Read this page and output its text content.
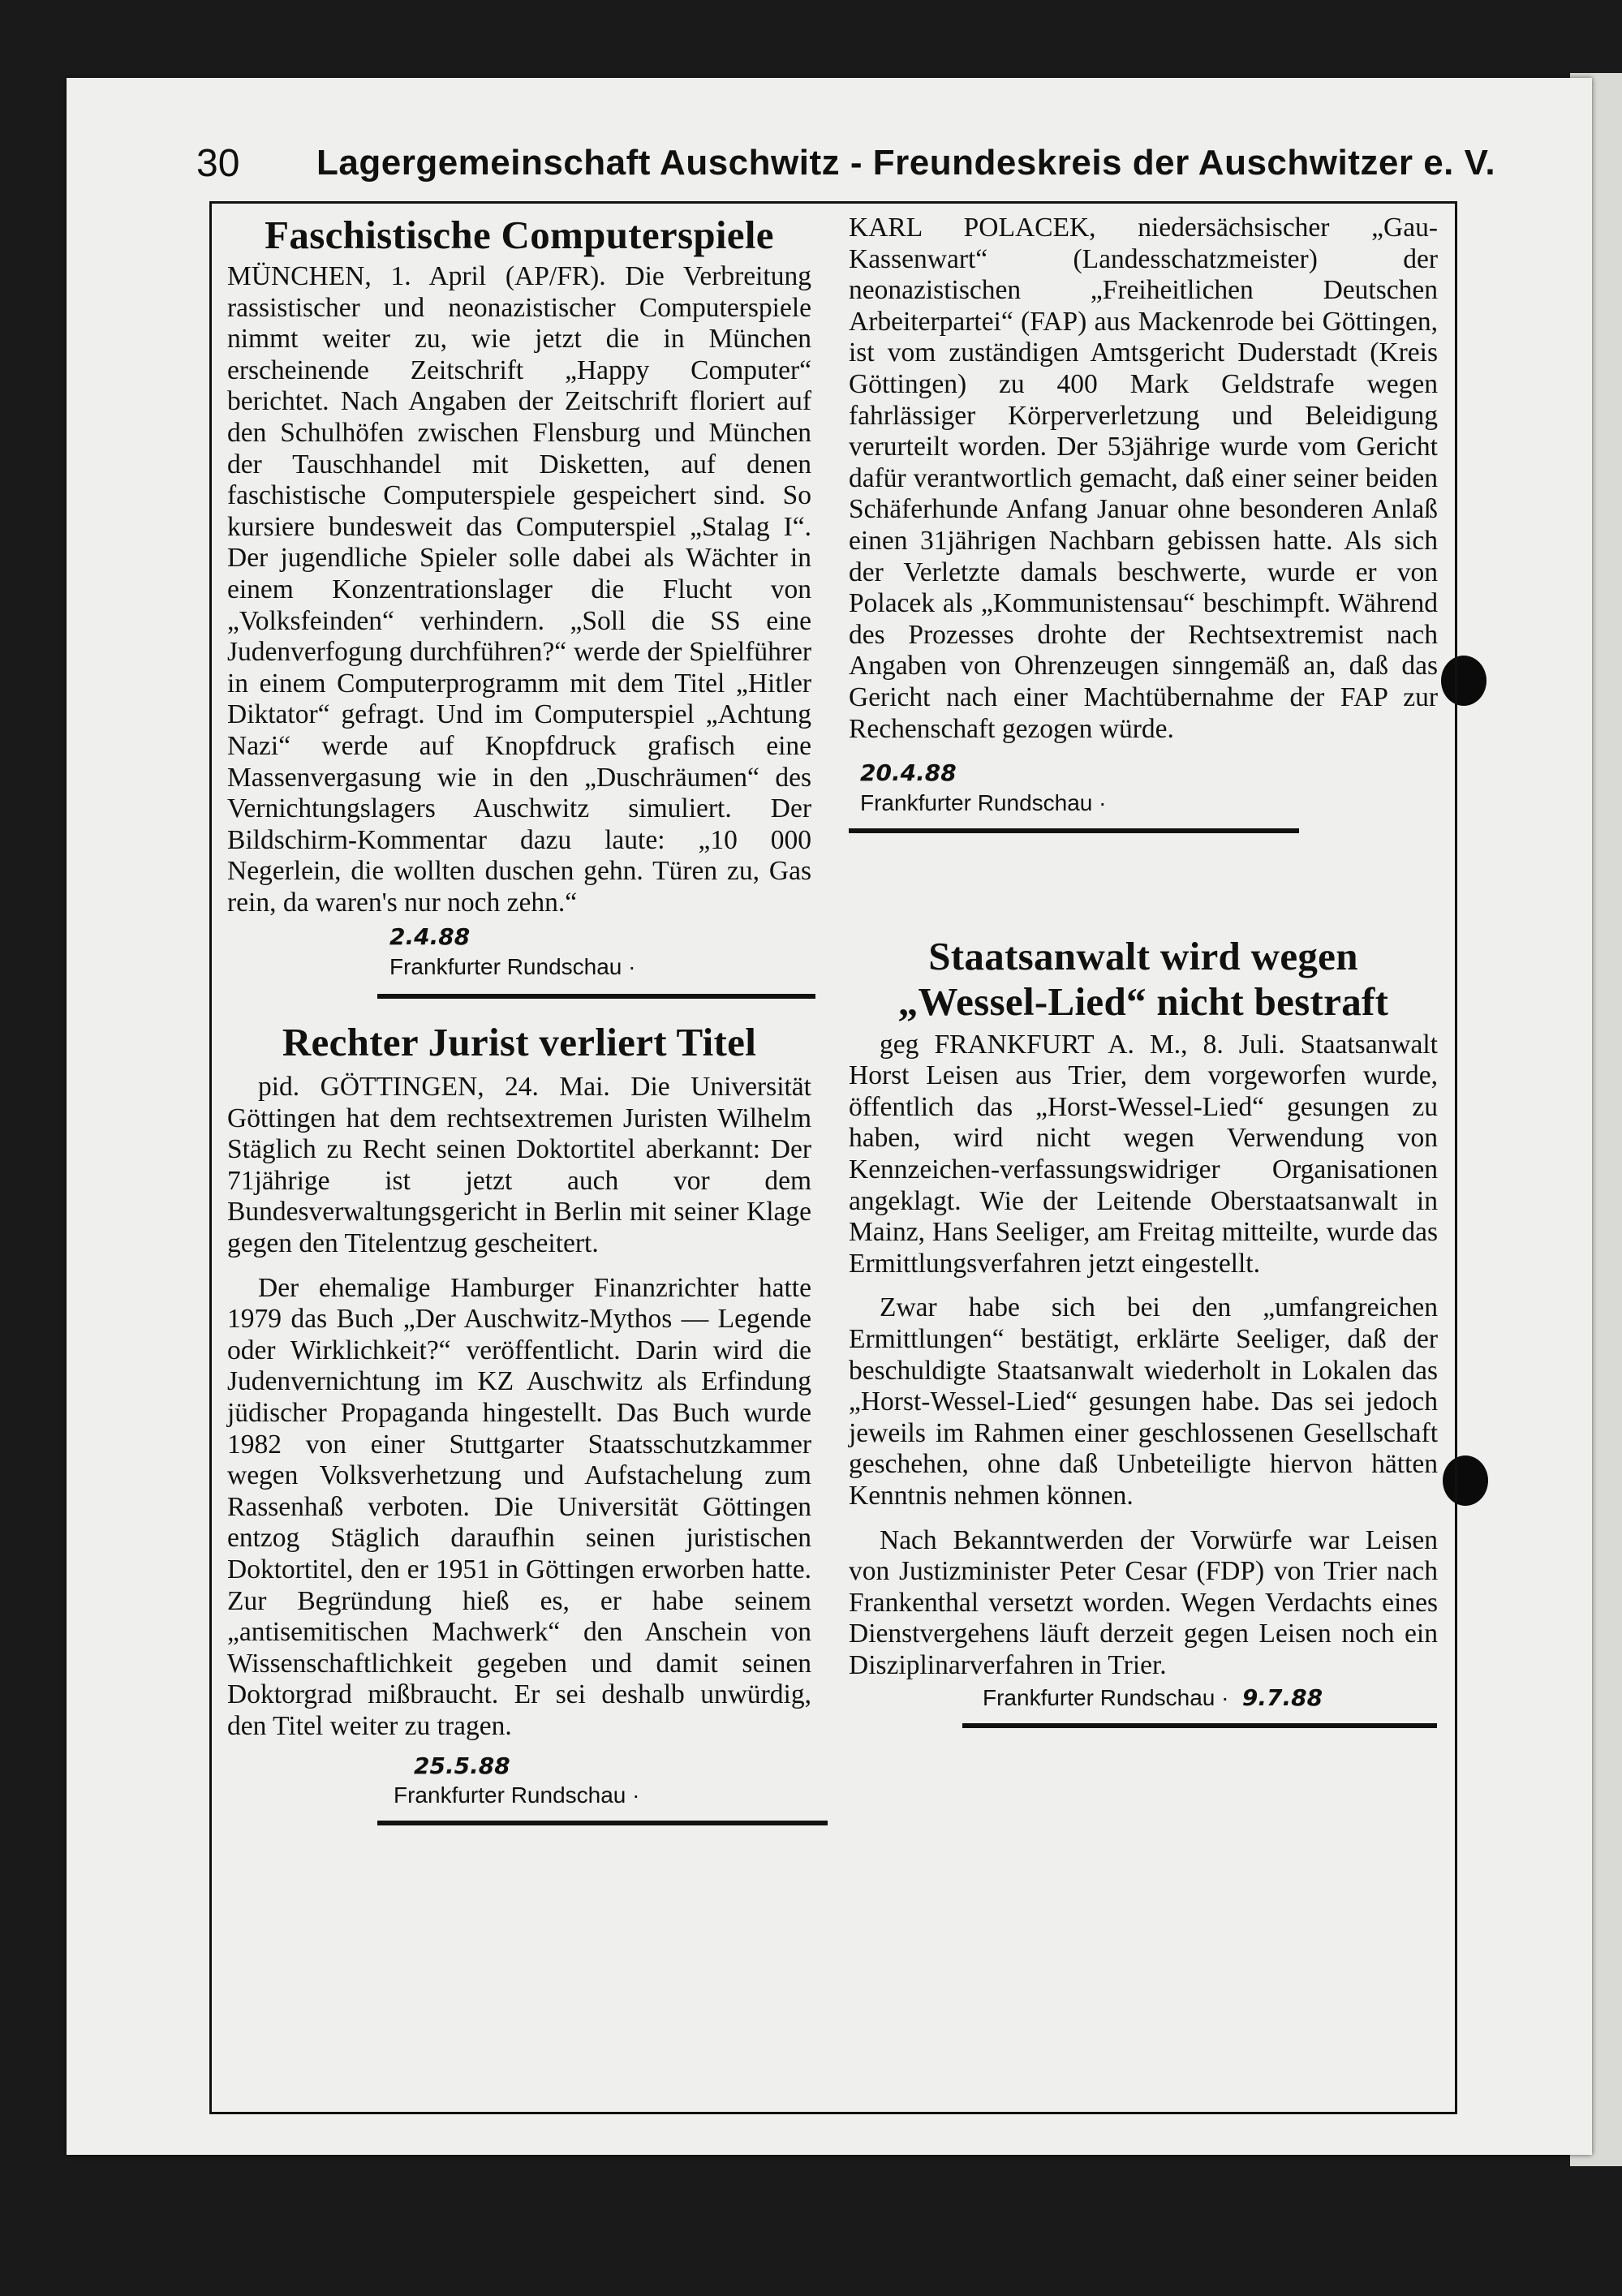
30 Lagergemeinschaft Auschwitz - Freundeskreis der Auschwitzer e. V.
Faschistische Computerspiele

MÜNCHEN, 1. April (AP/FR). Die Verbreitung rassistischer und neonazistischer Computerspiele nimmt weiter zu, wie jetzt die in München erscheinende Zeitschrift „Happy Computer“ berichtet. Nach Angaben der Zeitschrift floriert auf den Schulhöfen zwischen Flensburg und München der Tauschhandel mit Disketten, auf denen faschistische Computerspiele gespeichert sind. So kursiere bundesweit das Computerspiel „Stalag I“. Der jugendliche Spieler solle dabei als Wächter in einem Konzentrationslager die Flucht von „Volksfeinden“ verhindern. „Soll die SS eine Judenverfogung durchführen?“ werde der Spielführer in einem Computerprogramm mit dem Titel „Hitler Diktator“ gefragt. Und im Computerspiel „Achtung Nazi“ werde auf Knopfdruck grafisch eine Massenvergasung wie in den „Duschräumen“ des Vernichtungslagers Auschwitz simuliert. Der Bildschirm-Kommentar dazu laute: „10 000 Negerlein, die wollten duschen gehn. Türen zu, Gas rein, da waren's nur noch zehn.“

2.4.88
Frankfurter Rundschau ·
Rechter Jurist verliert Titel

pid. GÖTTINGEN, 24. Mai. Die Universität Göttingen hat dem rechtsextremen Juristen Wilhelm Stäglich zu Recht seinen Doktortitel aberkannt: Der 71jährige ist jetzt auch vor dem Bundesverwaltungsgericht in Berlin mit seiner Klage gegen den Titelentzug gescheitert.

Der ehemalige Hamburger Finanzrichter hatte 1979 das Buch „Der Auschwitz-Mythos — Legende oder Wirklichkeit?“ veröffentlicht. Darin wird die Judenvernichtung im KZ Auschwitz als Erfindung jüdischer Propaganda hingestellt. Das Buch wurde 1982 von einer Stuttgarter Staatsschutzkammer wegen Volksverhetzung und Aufstachelung zum Rassenhaß verboten. Die Universität Göttingen entzog Stäglich daraufhin seinen juristischen Doktortitel, den er 1951 in Göttingen erworben hatte. Zur Begründung hieß es, er habe seinem „antisemitischen Machwerk“ den Anschein von Wissenschaftlichkeit gegeben und damit seinen Doktorgrad mißbraucht. Er sei deshalb unwürdig, den Titel weiter zu tragen.

25.5.88
Frankfurter Rundschau ·

KARL POLACEK, niedersächsischer „Gau-Kassenwart“ (Landesschatzmeister) der neonazistischen „Freiheitlichen Deutschen Arbeiterpartei“ (FAP) aus Mackenrode bei Göttingen, ist vom zuständigen Amtsgericht Duderstadt (Kreis Göttingen) zu 400 Mark Geldstrafe wegen fahrlässiger Körperverletzung und Beleidigung verurteilt worden. Der 53jährige wurde vom Gericht dafür verantwortlich gemacht, daß einer seiner beiden Schäferhunde Anfang Januar ohne besonderen Anlaß einen 31jährigen Nachbarn gebissen hatte. Als sich der Verletzte damals beschwerte, wurde er von Polacek als „Kommunistensau“ beschimpft. Während des Prozesses drohte der Rechtsextremist nach Angaben von Ohrenzeugen sinngemäß an, daß das Gericht nach einer Machtübernahme der FAP zur Rechenschaft gezogen würde.

20.4.88
Frankfurter Rundschau ·
Staatsanwalt wird wegen
„Wessel-Lied“ nicht bestraft

geg FRANKFURT A. M., 8. Juli. Staatsanwalt Horst Leisen aus Trier, dem vorgeworfen wurde, öffentlich das „Horst-Wessel-Lied“ gesungen zu haben, wird nicht wegen Verwendung von Kennzeichen-verfassungswidriger Organisationen angeklagt. Wie der Leitende Oberstaatsanwalt in Mainz, Hans Seeliger, am Freitag mitteilte, wurde das Ermittlungsverfahren jetzt eingestellt.

Zwar habe sich bei den „umfangreichen Ermittlungen“ bestätigt, erklärte Seeliger, daß der beschuldigte Staatsanwalt wiederholt in Lokalen das „Horst-Wessel-Lied“ gesungen habe. Das sei jedoch jeweils im Rahmen einer geschlossenen Gesellschaft geschehen, ohne daß Unbeteiligte hiervon hätten Kenntnis nehmen können.

Nach Bekanntwerden der Vorwürfe war Leisen von Justizminister Peter Cesar (FDP) von Trier nach Frankenthal versetzt worden. Wegen Verdachts eines Dienstvergehens läuft derzeit gegen Leisen noch ein Disziplinarverfahren in Trier.

Frankfurter Rundschau · 9.7.88
